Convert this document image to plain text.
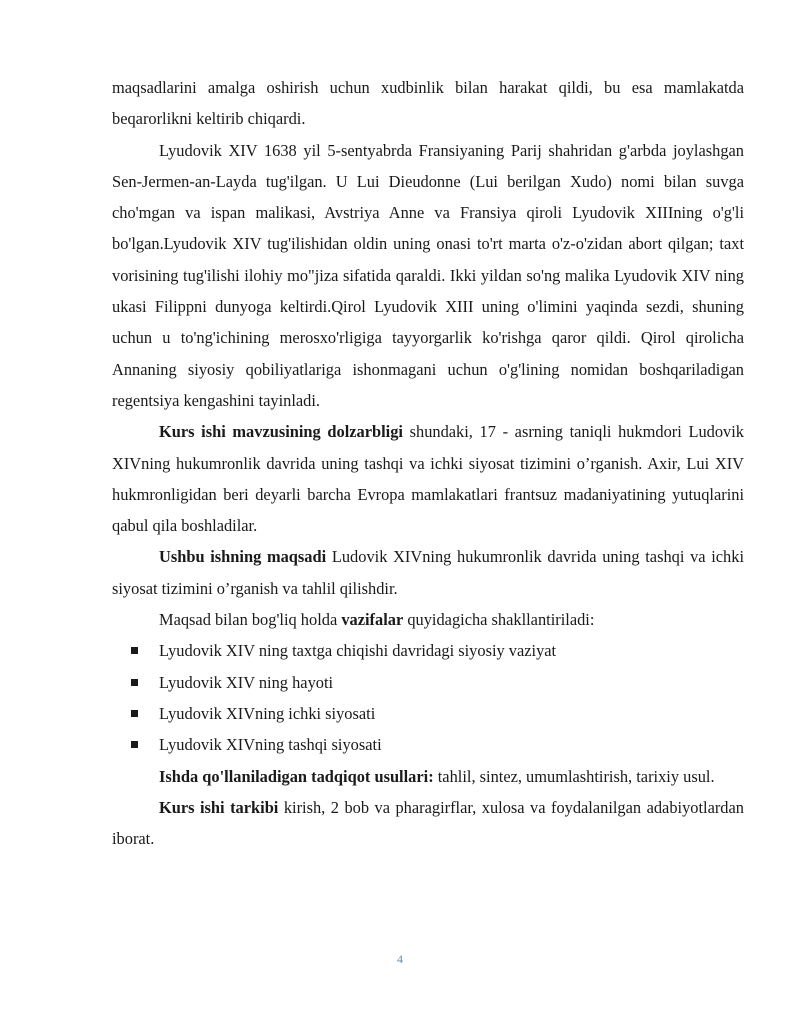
maqsadlarini amalga oshirish uchun xudbinlik bilan harakat qildi, bu esa mamlakatda beqarorlikni keltirib chiqardi.

Lyudovik XIV 1638 yil 5-sentyabrda Fransiyaning Parij shahridan g'arbda joylashgan Sen-Jermen-an-Layda tug'ilgan. U Lui Dieudonne (Lui berilgan Xudo) nomi bilan suvga cho'mgan va ispan malikasi, Avstriya Anne va Fransiya qiroli Lyudovik XIIIning o'g'li bo'lgan.Lyudovik XIV tug'ilishidan oldin uning onasi to'rt marta o'z-o'zidan abort qilgan; taxt vorisining tug'ilishi ilohiy mo"jiza sifatida qaraldi. Ikki yildan so'ng malika Lyudovik XIV ning ukasi Filippni dunyoga keltirdi.Qirol Lyudovik XIII uning o'limini yaqinda sezdi, shuning uchun u to'ng'ichining merosxo'rligiga tayyorgarlik ko'rishga qaror qildi. Qirol qirolicha Annaning siyosiy qobiliyatlariga ishonmagani uchun o'g'lining nomidan boshqariladigan regentsiya kengashini tayinladi.

Kurs ishi mavzusining dolzarbligi shundaki, 17 - asrning taniqli hukmdori Ludovik XIVning hukumronlik davrida uning tashqi va ichki siyosat tizimini o’rganish. Axir, Lui XIV hukmronligidan beri deyarli barcha Evropa mamlakatlari frantsuz madaniyatining yutuqlarini qabul qila boshladilar.

Ushbu ishning maqsadi Ludovik XIVning hukumronlik davrida uning tashqi va ichki siyosat tizimini o’rganish va tahlil qilishdir.

Maqsad bilan bog'liq holda vazifalar quyidagicha shakllantiriladi:

Lyudovik XIV ning taxtga chiqishi davridagi siyosiy vaziyat
Lyudovik XIV ning hayoti
Lyudovik XIVning ichki siyosati
Lyudovik XIVning tashqi siyosati

Ishda qo'llaniladigan tadqiqot usullari: tahlil, sintez, umumlashtirish, tarixiy usul.

Kurs ishi tarkibi kirish, 2 bob va pharagirflar, xulosa va foydalanilgan adabiyotlardan iborat.

4
